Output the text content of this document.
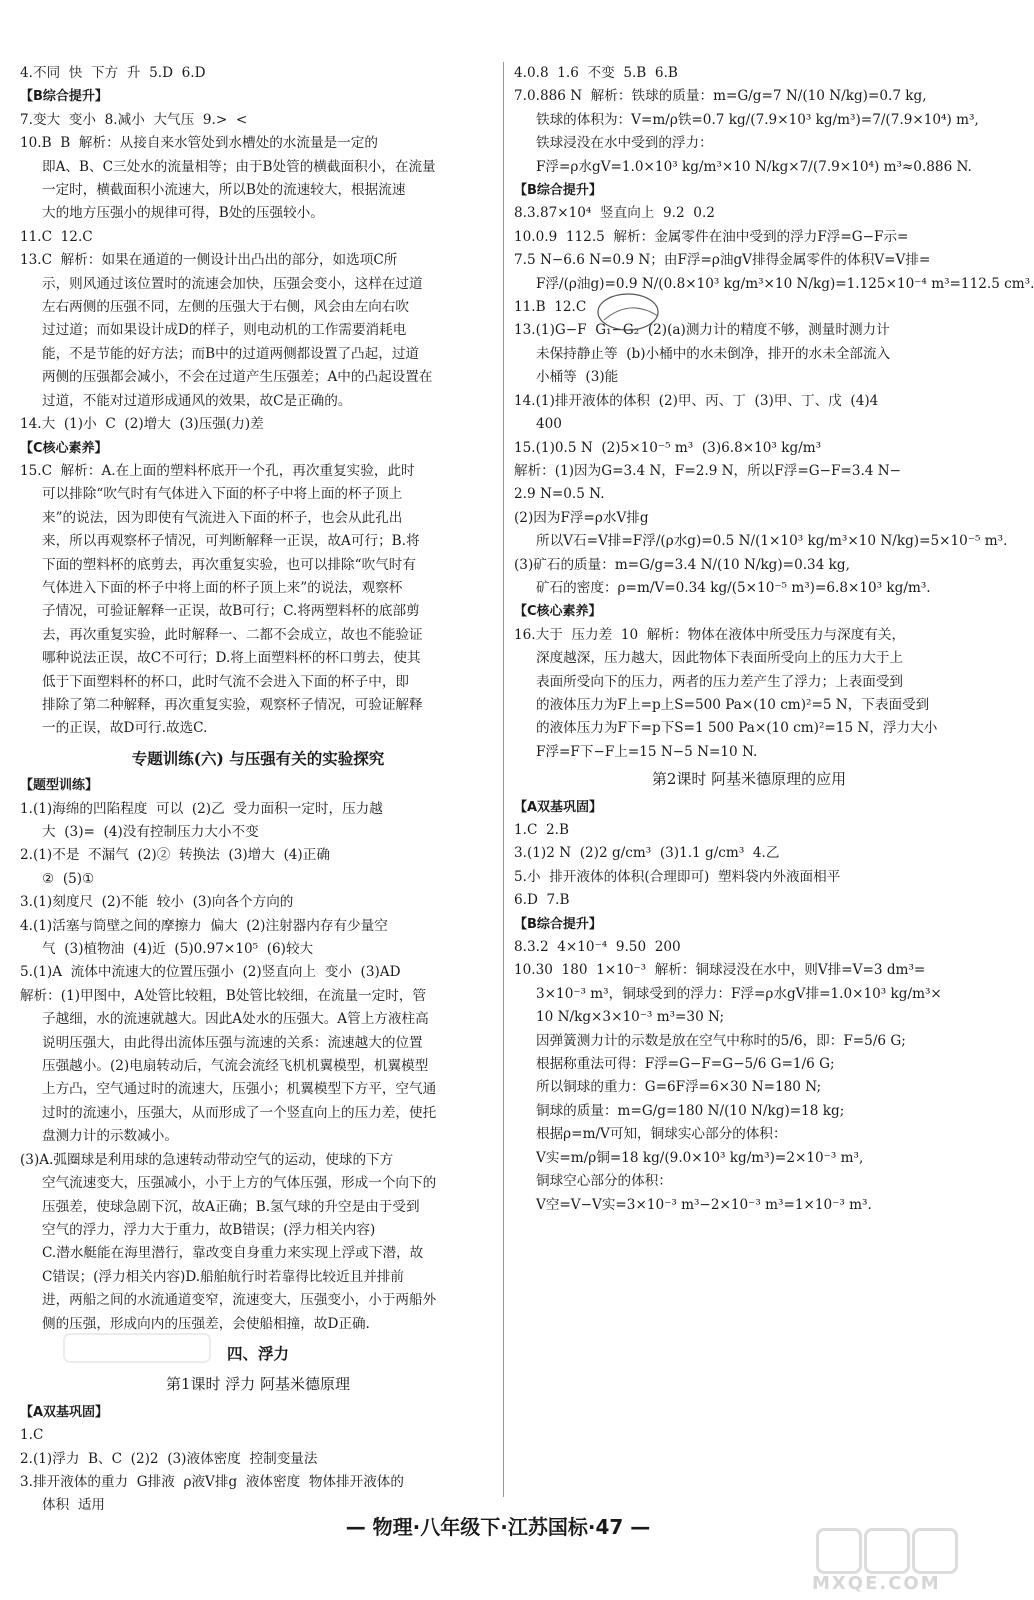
4.不同  快  下方  升  5.D  6.D
【B综合提升】
7.变大  变小  8.减小  大气压  9.>  <
10.B  B  解析：从接自来水管处到水槽处的水流量是一定的
即A、B、C三处水的流量相等；由于B处管的横截面积小，在流量
一定时，横截面积小流速大，所以B处的流速较大，根据流速
大的地方压强小的规律可得，B处的压强较小。
11.C  12.C
13.C  解析：如果在通道的一侧设计出凸出的部分，如选项C所
示，则风通过该位置时的流速会加快，压强会变小，这样在过道
左右两侧的压强不同，左侧的压强大于右侧，风会由左向右吹
过过道；而如果设计成D的样子，则电动机的工作需要消耗电
能，不是节能的好方法；而B中的过道两侧都设置了凸起，过道
两侧的压强都会减小，不会在过道产生压强差；A中的凸起设置在
过道，不能对过道形成通风的效果，故C是正确的。
14.大  (1)小  C  (2)增大  (3)压强(力)差
【C核心素养】
15.C  解析：A.在上面的塑料杯底开一个孔，再次重复实验，此时
可以排除“吹气时有气体进入下面的杯子中将上面的杯子顶上
来”的说法，因为即使有气流进入下面的杯子，也会从此孔出
来，所以再观察杯子情况，可判断解释一正误，故A可行；B.将
下面的塑料杯的底剪去，再次重复实验，也可以排除“吹气时有
气体进入下面的杯子中将上面的杯子顶上来”的说法，观察杯
子情况，可验证解释一正误，故B可行；C.将两塑料杯的底部剪
去，再次重复实验，此时解释一、二都不会成立，故也不能验证
哪种说法正误，故C不可行；D.将上面塑料杯的杯口剪去，使其
低于下面塑料杯的杯口，此时气流不会进入下面的杯子中，即
排除了第二种解释，再次重复实验，观察杯子情况，可验证解释
一的正误，故D可行.故选C.
专题训练(六) 与压强有关的实验探究
【题型训练】
1.(1)海绵的凹陷程度  可以  (2)乙  受力面积一定时，压力越
大  (3)=  (4)没有控制压力大小不变
2.(1)不是  不漏气  (2)②  转换法  (3)增大  (4)正确
②  (5)①
3.(1)刻度尺  (2)不能  较小  (3)向各个方向的
4.(1)活塞与筒壁之间的摩擦力  偏大  (2)注射器内存有少量空
气  (3)植物油  (4)近  (5)0.97×10⁵  (6)较大
5.(1)A  流体中流速大的位置压强小  (2)竖直向上  变小  (3)AD
解析：(1)甲图中，A处管比较粗，B处管比较细，在流量一定时，管
子越细，水的流速就越大。因此A处水的压强大。A管上方液柱高
说明压强大，由此得出流体压强与流速的关系：流速越大的位置
压强越小。(2)电扇转动后，气流会流经飞机机翼模型，机翼模型
上方凸，空气通过时的流速大，压强小；机翼模型下方平，空气通
过时的流速小，压强大，从而形成了一个竖直向上的压力差，使托
盘测力计的示数减小。
(3)A.弧圈球是利用球的急速转动带动空气的运动，使球的下方
空气流速变大，压强减小，小于上方的气体压强，形成一个向下的
压强差，使球急剧下沉，故A正确；B.氢气球的升空是由于受到
空气的浮力，浮力大于重力，故B错误；(浮力相关内容)
C.潜水艇能在海里潜行，靠改变自身重力来实现上浮或下潜，故
C错误；(浮力相关内容)D.船舶航行时若靠得比较近且并排前
进，两船之间的水流通道变窄，流速变大，压强变小，小于两船外
侧的压强，形成向内的压强差，会使船相撞，故D正确.
四、浮力
第1课时 浮力 阿基米德原理
【A双基巩固】
1.C
2.(1)浮力  B、C  (2)2  (3)液体密度  控制变量法
3.排开液体的重力  G排液  ρ液V排g  液体密度  物体排开液体的
体积  适用
4.0.8  1.6  不变  5.B  6.B
7.0.886 N  解析：铁球的质量：m=G/g=7 N/(10 N/kg)=0.7 kg,
铁球的体积为：V=m/ρ铁=0.7 kg/(7.9×10³ kg/m³)=7/(7.9×10⁴) m³,
铁球浸没在水中受到的浮力：
F浮=ρ水gV=1.0×10³ kg/m³×10 N/kg×7/(7.9×10⁴) m³≈0.886 N.
【B综合提升】
8.3.87×10⁴  竖直向上  9.2  0.2
10.0.9  112.5  解析：金属零件在油中受到的浮力F浮=G−F示=
7.5 N−6.6 N=0.9 N；由F浮=ρ油gV排得金属零件的体积V=V排=
F浮/(ρ油g)=0.9 N/(0.8×10³ kg/m³×10 N/kg)=1.125×10⁻⁴ m³=112.5 cm³.
11.B  12.C
13.(1)G−F  G₁−G₂  (2)(a)测力计的精度不够，测量时测力计
未保持静止等  (b)小桶中的水未倒净，排开的水未全部流入
小桶等  (3)能
14.(1)排开液体的体积  (2)甲、丙、丁  (3)甲、丁、戊  (4)4
400
15.(1)0.5 N  (2)5×10⁻⁵ m³  (3)6.8×10³ kg/m³
解析：(1)因为G=3.4 N，F=2.9 N，所以F浮=G−F=3.4 N−
2.9 N=0.5 N.
(2)因为F浮=ρ水V排g
所以V石=V排=F浮/(ρ水g)=0.5 N/(1×10³ kg/m³×10 N/kg)=5×10⁻⁵ m³.
(3)矿石的质量：m=G/g=3.4 N/(10 N/kg)=0.34 kg,
矿石的密度：ρ=m/V=0.34 kg/(5×10⁻⁵ m³)=6.8×10³ kg/m³.
【C核心素养】
16.大于  压力差  10  解析：物体在液体中所受压力与深度有关，
深度越深，压力越大，因此物体下表面所受向上的压力大于上
表面所受向下的压力，两者的压力差产生了浮力；上表面受到
的液体压力为F上=p上S=500 Pa×(10 cm)²=5 N，下表面受到
的液体压力为F下=p下S=1 500 Pa×(10 cm)²=15 N，浮力大小
F浮=F下−F上=15 N−5 N=10 N.
第2课时 阿基米德原理的应用
【A双基巩固】
1.C  2.B
3.(1)2 N  (2)2 g/cm³  (3)1.1 g/cm³  4.乙
5.小  排开液体的体积(合理即可)  塑料袋内外液面相平
6.D  7.B
【B综合提升】
8.3.2  4×10⁻⁴  9.50  200
10.30  180  1×10⁻³  解析：铜球浸没在水中，则V排=V=3 dm³=
3×10⁻³ m³，铜球受到的浮力：F浮=ρ水gV排=1.0×10³ kg/m³×
10 N/kg×3×10⁻³ m³=30 N;
因弹簧测力计的示数是放在空气中称时的5/6，即：F=5/6 G;
根据称重法可得：F浮=G−F=G−5/6 G=1/6 G;
所以铜球的重力：G=6F浮=6×30 N=180 N;
铜球的质量：m=G/g=180 N/(10 N/kg)=18 kg;
根据ρ=m/V可知，铜球实心部分的体积：
V实=m/ρ铜=18 kg/(9.0×10³ kg/m³)=2×10⁻³ m³,
铜球空心部分的体积：
V空=V−V实=3×10⁻³ m³−2×10⁻³ m³=1×10⁻³ m³.
— 物理·八年级下·江苏国标·47 —
MXQE.COM
